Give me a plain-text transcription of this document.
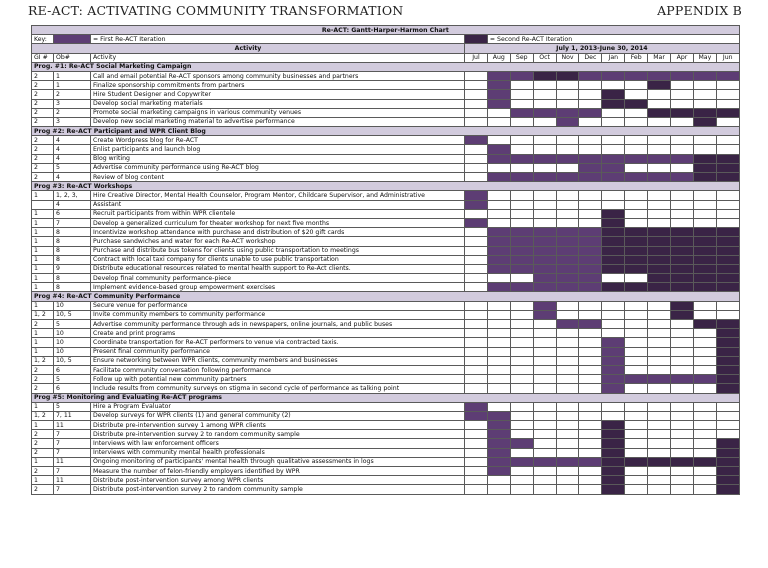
RE-ACT: ACTIVATING COMMUNITY TRANSFORMATION	APPENDIX B
Re-ACT: Gantt-Harper-Harmon Chart														
Key:		= First Re-ACT Iteration		= Second Re-ACT Iteration										
Activity			July 1, 2013-June 30, 2014											
GI #	Ob#	Activity	Jul	Aug	Sep	Oct	Nov	Dec	Jan	Feb	Mar	Apr	May	Jun
Prog. #1: Re-ACT Social Marketing Campaign														
2	1	Call and email potential Re-ACT sponsors among community businesses and partners												
2	1	Finalize sponsorship commitments from partners												
2	2	Hire Student Designer and Copywriter												
2	3	Develop social marketing materials												
2	2	Promote social marketing campaigns in various community venues												
2	3	Develop new social marketing material to advertise performance												
Prog #2: Re-ACT Participant and WPR Client Blog														
2	4	Create Wordpress blog for Re-ACT												
2	4	Enlist participants and launch blog												
2	4	Blog writing												
2	5	Advertise community performance using Re-ACT blog												
2	4	Review of blog content												
Prog #3: Re-ACT Workshops														
1	1, 2, 3,	Hire Creative Director, Mental Health Counselor, Program Mentor, Childcare Supervisor, and Administrative												
	4	Assistant												
1	6	Recruit participants from within WPR clientele												
1	7	Develop a generalized curriculum for theater workshop for next five months												
1	8	Incentivize workshop attendance with purchase and distribution of $20 gift cards												
1	8	Purchase sandwiches and water for each Re-ACT workshop												
1	8	Purchase and distribute bus tokens for clients using public transportation to meetings												
1	8	Contract with local taxi company for clients unable to use public transportation												
1	9	Distribute educational resources related to mental health support to Re-Act clients.												
1	8	Develop final community performance-piece												
1	8	Implement evidence-based group empowerment exercises												
Prog #4: Re-ACT Community Performance														
1	10	Secure venue for performance												
1, 2	10, 5	Invite community members to community performance												
2	5	Advertise community performance through ads in newspapers, online journals, and public buses												
1	10	Create and print programs												
1	10	Coordinate transportation for Re-ACT performers to venue via contracted taxis.												
1	10	Present final community performance												
1, 2	10, 5	Ensure networking between WPR clients, community members and businesses												
2	6	Facilitate community conversation following performance												
2	5	Follow up with potential new community partners												
2	6	Include results from community surveys on stigma in second cycle of performance as talking point												
Prog #5: Monitoring and Evaluating Re-ACT programs														
1	5	Hire a Program Evaluator												
1, 2	7, 11	Develop surveys for WPR clients (1) and general community (2)												
1	11	Distribute pre-intervention survey 1 among WPR clients												
2	7	Distribute pre-intervention survey 2 to random community sample												
2	7	Interviews with law enforcement officers												
2	7	Interviews with community mental health professionals												
1	11	Ongoing monitoring of participants' mental health through qualitative assessments in logs												
2	7	Measure the number of felon-friendly employers identified by WPR												
1	11	Distribute post-intervention survey among WPR clients												
2	7	Distribute post-intervention survey 2 to random community sample												
